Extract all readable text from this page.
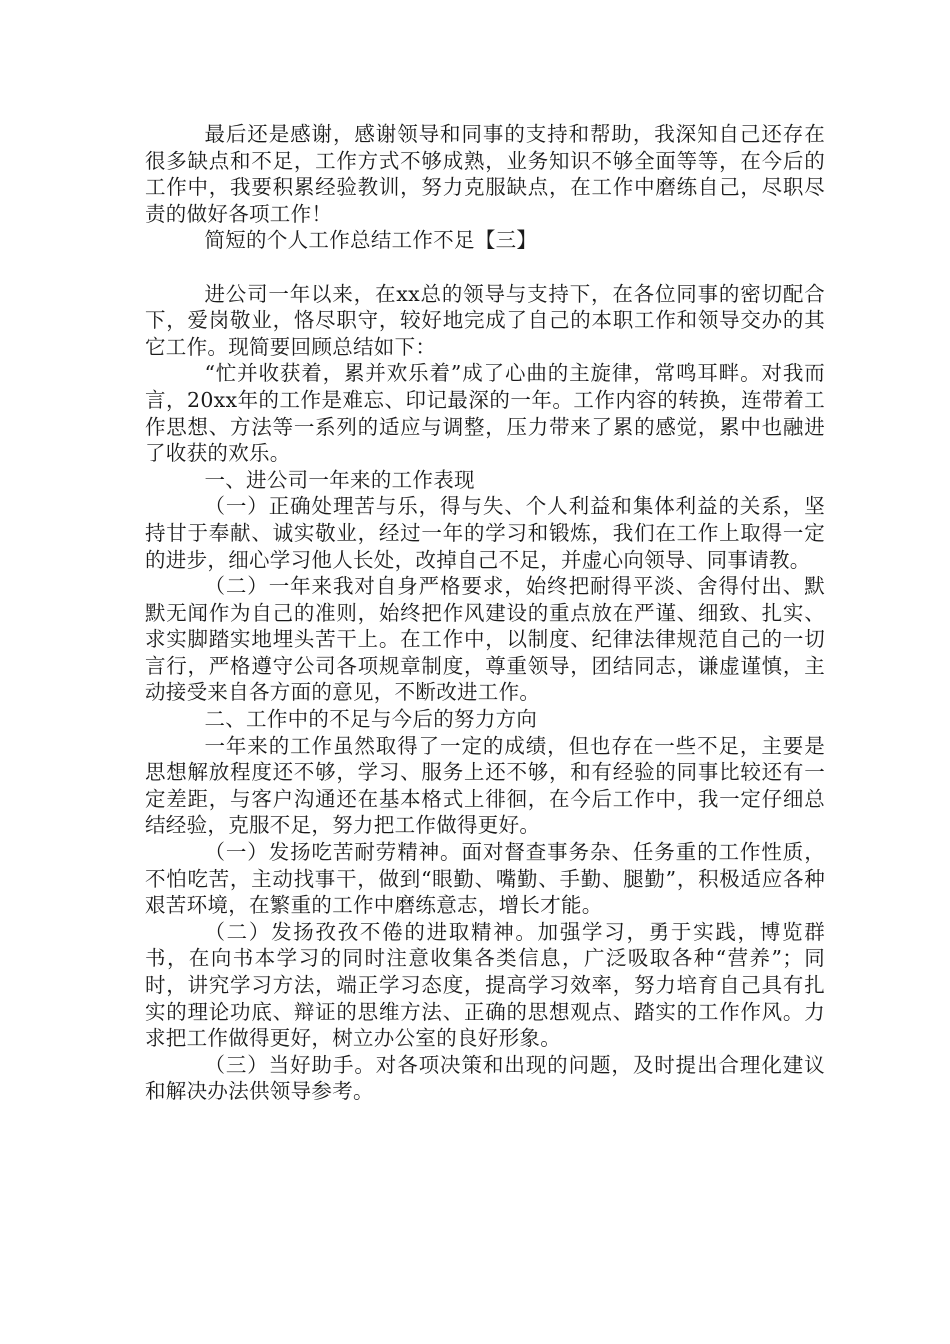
最后还是感谢，感谢领导和同事的支持和帮助，我深知自己还存在很多缺点和不足，工作方式不够成熟，业务知识不够全面等等，在今后的工作中，我要积累经验教训，努力克服缺点，在工作中磨练自己，尽职尽责的做好各项工作！

简短的个人工作总结工作不足【三】

进公司一年以来，在xx总的领导与支持下，在各位同事的密切配合下，爱岗敬业，恪尽职守，较好地完成了自己的本职工作和领导交办的其它工作。现简要回顾总结如下：

“忙并收获着，累并欢乐着”成了心曲的主旋律，常鸣耳畔。对我而言，20xx年的工作是难忘、印记最深的一年。工作内容的转换，连带着工作思想、方法等一系列的适应与调整，压力带来了累的感觉，累中也融进了收获的欢乐。

一、进公司一年来的工作表现

（一）正确处理苦与乐，得与失、个人利益和集体利益的关系，坚持甘于奉献、诚实敬业，经过一年的学习和锻炼，我们在工作上取得一定的进步，细心学习他人长处，改掉自己不足，并虚心向领导、同事请教。

（二）一年来我对自身严格要求，始终把耐得平淡、舍得付出、默默无闻作为自己的准则，始终把作风建设的重点放在严谨、细致、扎实、求实脚踏实地埋头苦干上。在工作中，以制度、纪律法律规范自己的一切言行，严格遵守公司各项规章制度，尊重领导，团结同志，谦虚谨慎，主动接受来自各方面的意见，不断改进工作。

二、工作中的不足与今后的努力方向

一年来的工作虽然取得了一定的成绩，但也存在一些不足，主要是思想解放程度还不够，学习、服务上还不够，和有经验的同事比较还有一定差距，与客户沟通还在基本格式上徘徊，在今后工作中，我一定仔细总结经验，克服不足，努力把工作做得更好。

（一）发扬吃苦耐劳精神。面对督查事务杂、任务重的工作性质，不怕吃苦，主动找事干，做到“眼勤、嘴勤、手勤、腿勤”，积极适应各种艰苦环境，在繁重的工作中磨练意志，增长才能。

（二）发扬孜孜不倦的进取精神。加强学习，勇于实践，博览群书，在向书本学习的同时注意收集各类信息，广泛吸取各种“营养”；同时，讲究学习方法，端正学习态度，提高学习效率，努力培育自己具有扎实的理论功底、辩证的思维方法、正确的思想观点、踏实的工作作风。力求把工作做得更好，树立办公室的良好形象。

（三）当好助手。对各项决策和出现的问题，及时提出合理化建议和解决办法供领导参考。
